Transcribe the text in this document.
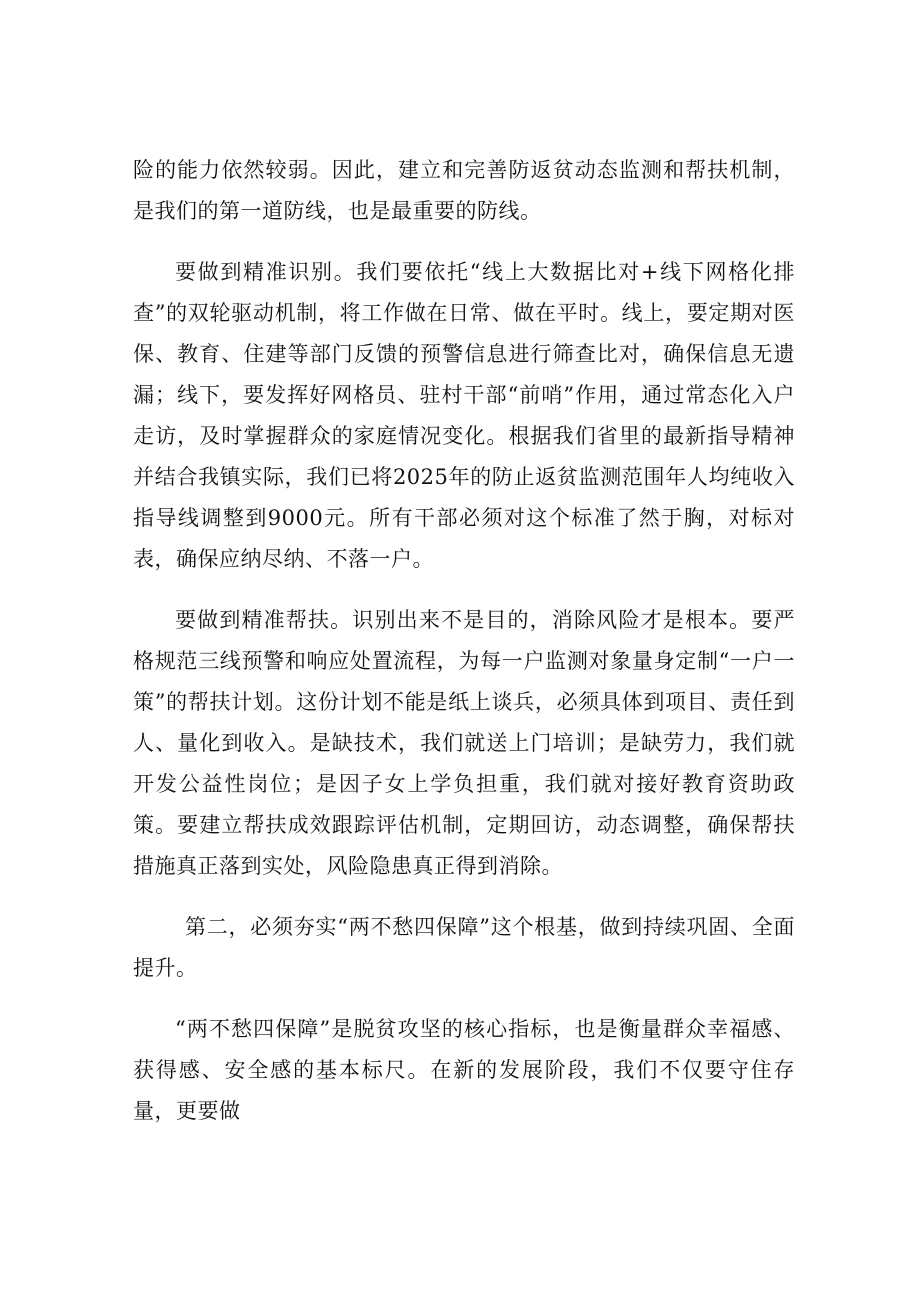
险的能力依然较弱。因此，建立和完善防返贫动态监测和帮扶机制，是我们的第一道防线，也是最重要的防线。

要做到精准识别。我们要依托“线上大数据比对+线下网格化排查”的双轮驱动机制，将工作做在日常、做在平时。线上，要定期对医保、教育、住建等部门反馈的预警信息进行筛查比对，确保信息无遗漏；线下，要发挥好网格员、驻村干部“前哨”作用，通过常态化入户走访，及时掌握群众的家庭情况变化。根据我们省里的最新指导精神并结合我镇实际，我们已将2025年的防止返贫监测范围年人均纯收入指导线调整到9000元。所有干部必须对这个标准了然于胸，对标对表，确保应纳尽纳、不落一户。

要做到精准帮扶。识别出来不是目的，消除风险才是根本。要严格规范三线预警和响应处置流程，为每一户监测对象量身定制“一户一策”的帮扶计划。这份计划不能是纸上谈兵，必须具体到项目、责任到人、量化到收入。是缺技术，我们就送上门培训；是缺劳力，我们就开发公益性岗位；是因子女上学负担重，我们就对接好教育资助政策。要建立帮扶成效跟踪评估机制，定期回访，动态调整，确保帮扶措施真正落到实处，风险隐患真正得到消除。

第二，必须夯实“两不愁四保障”这个根基，做到持续巩固、全面提升。

“两不愁四保障”是脱贫攻坚的核心指标，也是衡量群众幸福感、获得感、安全感的基本标尺。在新的发展阶段，我们不仅要守住存量，更要做
